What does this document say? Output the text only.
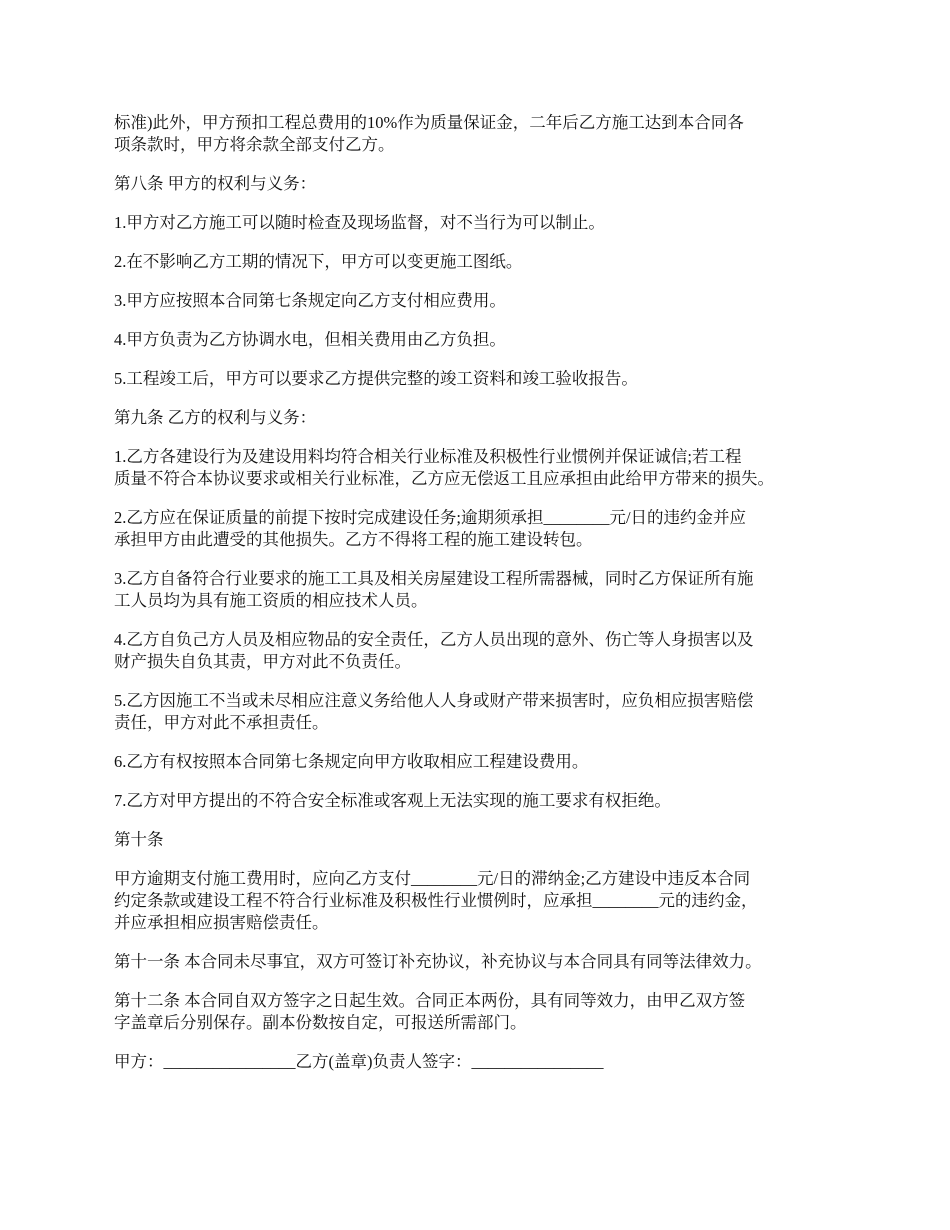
标准)此外，甲方预扣工程总费用的10%作为质量保证金，二年后乙方施工达到本合同各
项条款时，甲方将余款全部支付乙方。

第八条 甲方的权利与义务：

1.甲方对乙方施工可以随时检查及现场监督，对不当行为可以制止。

2.在不影响乙方工期的情况下，甲方可以变更施工图纸。

3.甲方应按照本合同第七条规定向乙方支付相应费用。

4.甲方负责为乙方协调水电，但相关费用由乙方负担。

5.工程竣工后，甲方可以要求乙方提供完整的竣工资料和竣工验收报告。

第九条 乙方的权利与义务：

1.乙方各建设行为及建设用料均符合相关行业标准及积极性行业惯例并保证诚信;若工程
质量不符合本协议要求或相关行业标准，乙方应无偿返工且应承担由此给甲方带来的损失。

2.乙方应在保证质量的前提下按时完成建设任务;逾期须承担________元/日的违约金并应
承担甲方由此遭受的其他损失。乙方不得将工程的施工建设转包。

3.乙方自备符合行业要求的施工工具及相关房屋建设工程所需器械，同时乙方保证所有施
工人员均为具有施工资质的相应技术人员。

4.乙方自负己方人员及相应物品的安全责任，乙方人员出现的意外、伤亡等人身损害以及
财产损失自负其责，甲方对此不负责任。

5.乙方因施工不当或未尽相应注意义务给他人人身或财产带来损害时，应负相应损害赔偿
责任，甲方对此不承担责任。

6.乙方有权按照本合同第七条规定向甲方收取相应工程建设费用。

7.乙方对甲方提出的不符合安全标准或客观上无法实现的施工要求有权拒绝。

第十条

甲方逾期支付施工费用时，应向乙方支付________元/日的滞纳金;乙方建设中违反本合同
约定条款或建设工程不符合行业标准及积极性行业惯例时，应承担________元的违约金，
并应承担相应损害赔偿责任。

第十一条 本合同未尽事宜，双方可签订补充协议，补充协议与本合同具有同等法律效力。

第十二条 本合同自双方签字之日起生效。合同正本两份，具有同等效力，由甲乙双方签
字盖章后分别保存。副本份数按自定，可报送所需部门。

甲方：________________乙方(盖章)负责人签字：________________
